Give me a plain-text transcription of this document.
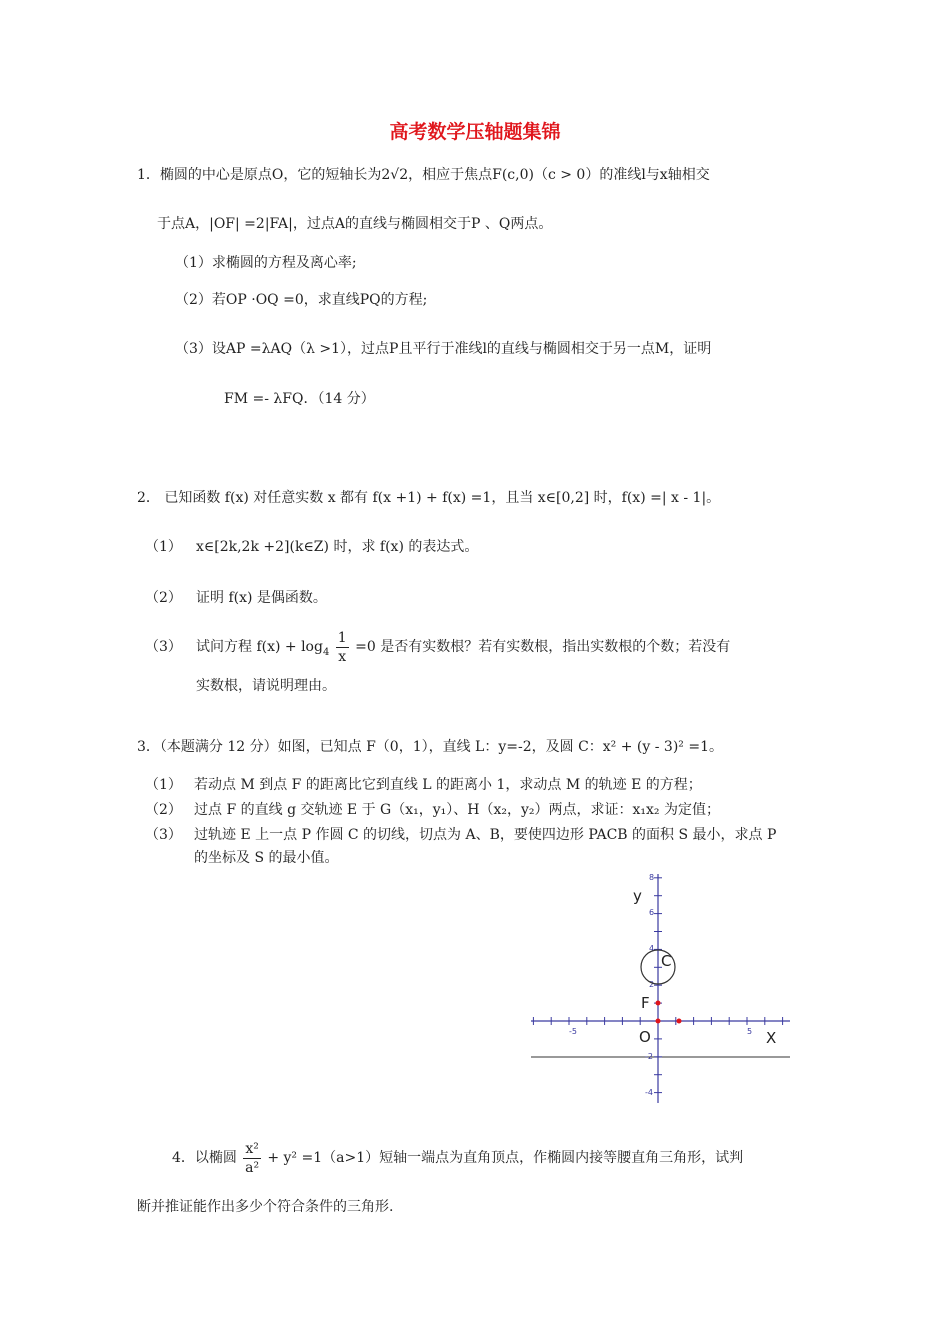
高考数学压轴题集锦
1．椭圆的中心是原点O，它的短轴长为2√2，相应于焦点F(c,0)（c > 0）的准线l与x轴相交
于点A，|OF| =2|FA|，过点A的直线与椭圆相交于P 、Q两点。
（1）求椭圆的方程及离心率;
（2）若OP ·OQ =0，求直线PQ的方程;
（3）设AP =λAQ（λ >1），过点P且平行于准线l的直线与椭圆相交于另一点M，证明
FM =- λFQ．（14 分）
2． 已知函数 f(x) 对任意实数 x 都有 f(x +1) + f(x) =1，且当 x∈[0,2] 时，f(x) =| x - 1|。
（1） x∈[2k,2k +2](k∈Z) 时，求 f(x) 的表达式。
（2） 证明 f(x) 是偶函数。
（3） 试问方程 $f(x) + \log_4 \frac{1}{x} =0$ 是否有实数根？若有实数根，指出实数根的个数；若没有
实数根，请说明理由。
3．（本题满分 12 分）如图，已知点 F（0，1），直线 L：y=-2，及圆 C：x² + (y - 3)² =1。
（1） 若动点 M 到点 F 的距离比它到直线 L 的距离小 1，求动点 M 的轨迹 E 的方程；
（2） 过点 F 的直线 g 交轨迹 E 于 G（x₁，y₁）、H（x₂，y₂）两点，求证：x₁x₂ 为定值；
（3） 过轨迹 E 上一点 P 作圆 C 的切线，切点为 A、B，要使四边形 PACB 的面积 S 最小，求点 P
的坐标及 S 的最小值。
-5	5
8
6
4
2
-2
-4
y
X
O
F
C
4．以椭圆 $\frac{\text{x²}}{\text{a²}} + y^2 =1(a>1)$短轴一端点为直角顶点，作椭圆内接等腰直角三角形，试判
断并推证能作出多少个符合条件的三角形.
